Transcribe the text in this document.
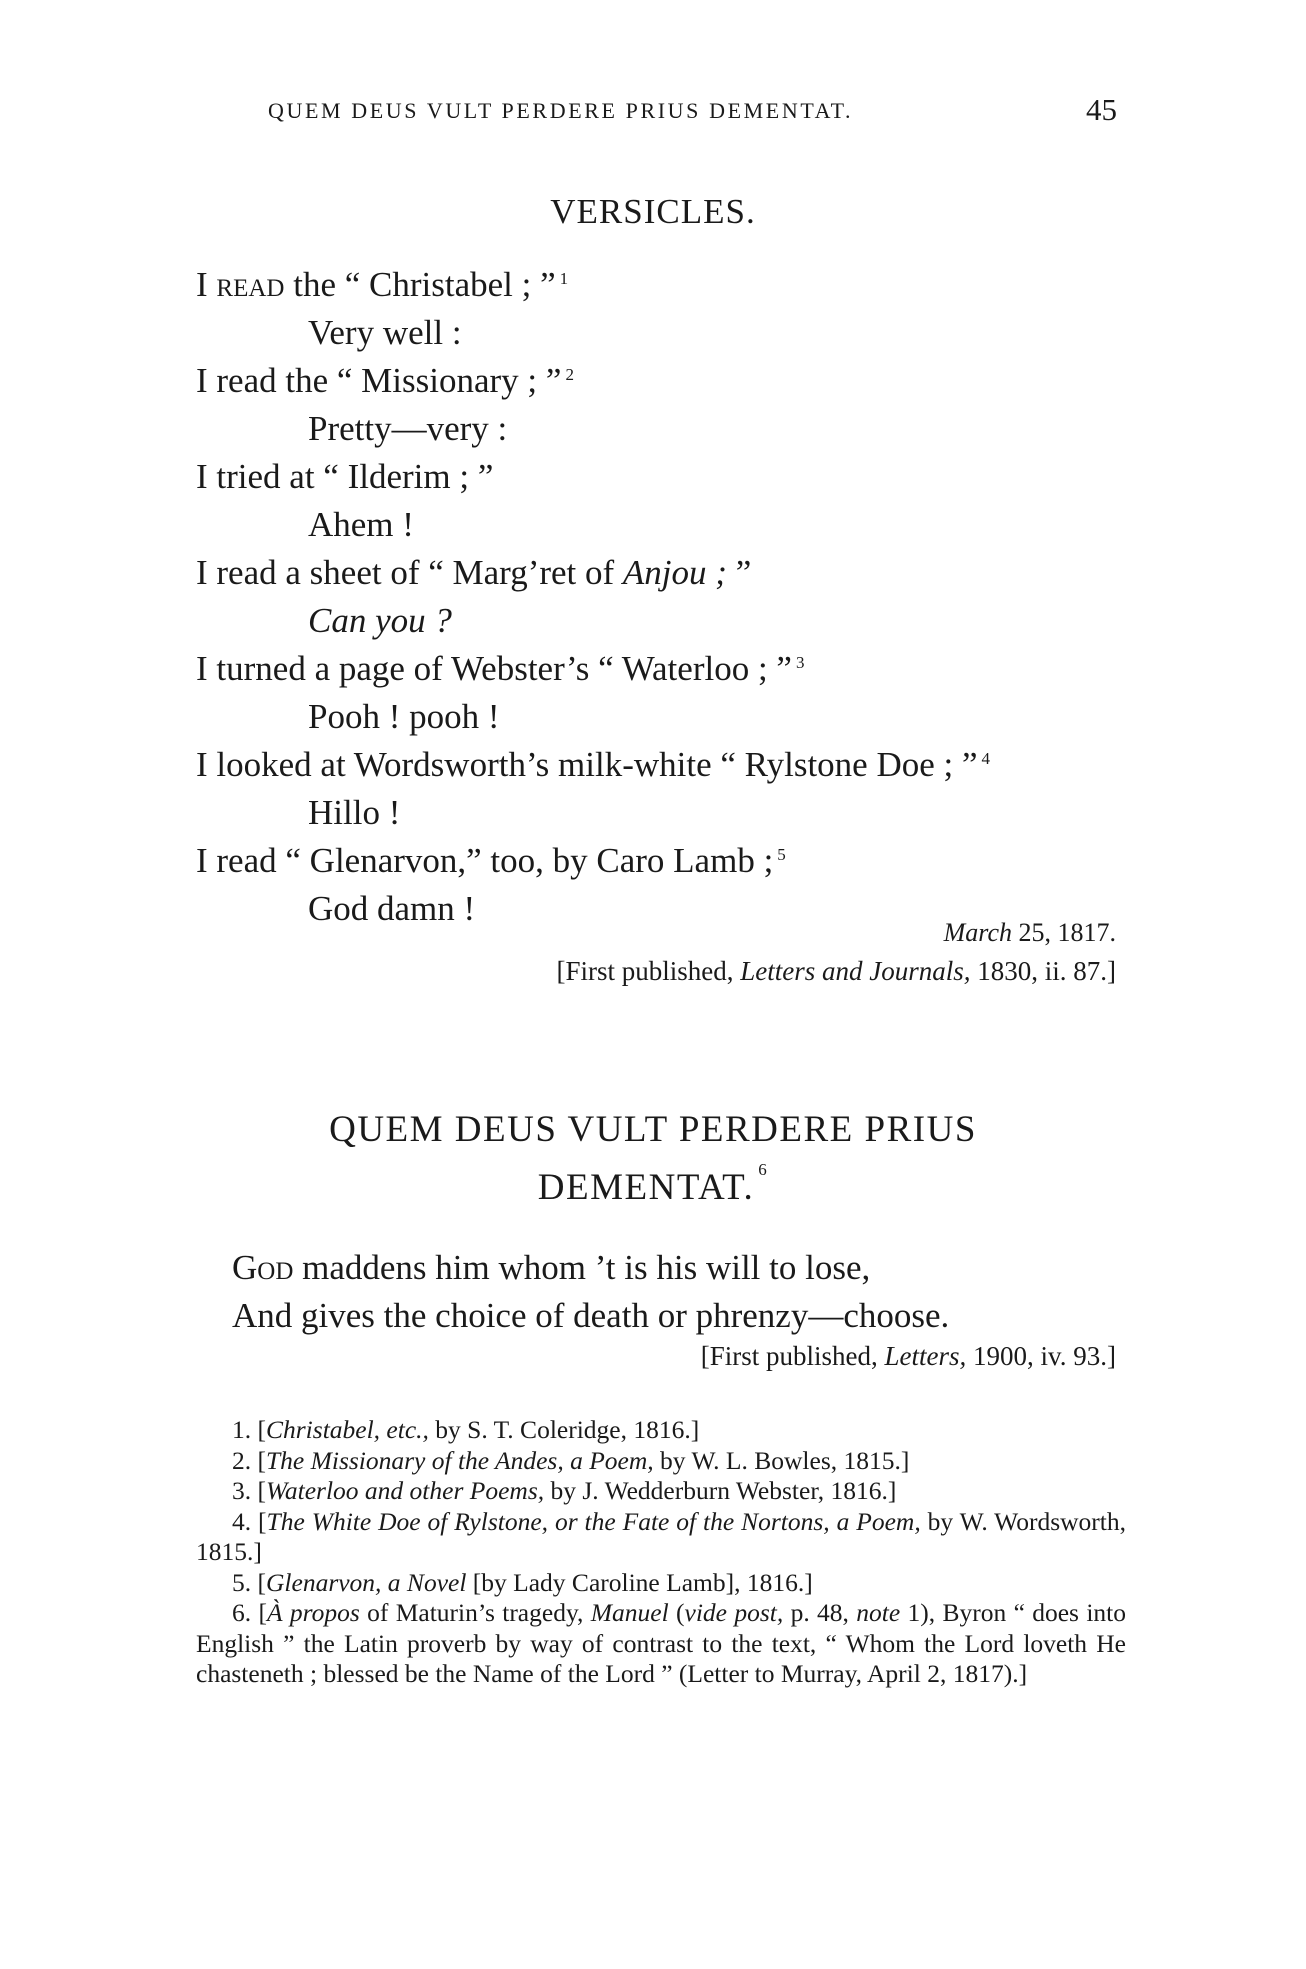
QUEM DEUS VULT PERDERE PRIUS DEMENTAT.	45
VERSICLES.
I read the “ Christabel ; ” $^1$
Very well :
I read the “ Missionary ; ” $^2$
Pretty—very :
I tried at “ Ilderim ; ”
Ahem !
I read a sheet of “ Marg’ret of Anjou ; ”
Can you ?
I turned a page of Webster’s “ Waterloo ; ” $^3$
Pooh ! pooh !
I looked at Wordsworth’s milk-white “ Rylstone Doe ; ” $^4$
Hillo !
I read “ Glenarvon,” too, by Caro Lamb ; $^5$
God damn !
March 25, 1817.
[First published, Letters and Journals, 1830, ii. 87.]
QUEM DEUS VULT PERDERE PRIUS
DEMENTAT. $^6$
God maddens him whom ’t is his will to lose,
And gives the choice of death or phrenzy—choose.
[First published, Letters, 1900, iv. 93.]

1. [Christabel, etc., by S. T. Coleridge, 1816.]

2. [The Missionary of the Andes, a Poem, by W. L. Bowles, 1815.]

3. [Waterloo and other Poems, by J. Wedderburn Webster, 1816.]

4. [The White Doe of Rylstone, or the Fate of the Nortons, a Poem, by W. Wordsworth, 1815.]

5. [Glenarvon, a Novel [by Lady Caroline Lamb], 1816.]

6. [À propos of Maturin’s tragedy, Manuel (vide post, p. 48, note 1), Byron “ does into English ” the Latin proverb by way of contrast to the text, “ Whom the Lord loveth He chasteneth ; blessed be the Name of the Lord ” (Letter to Murray, April 2, 1817).]
